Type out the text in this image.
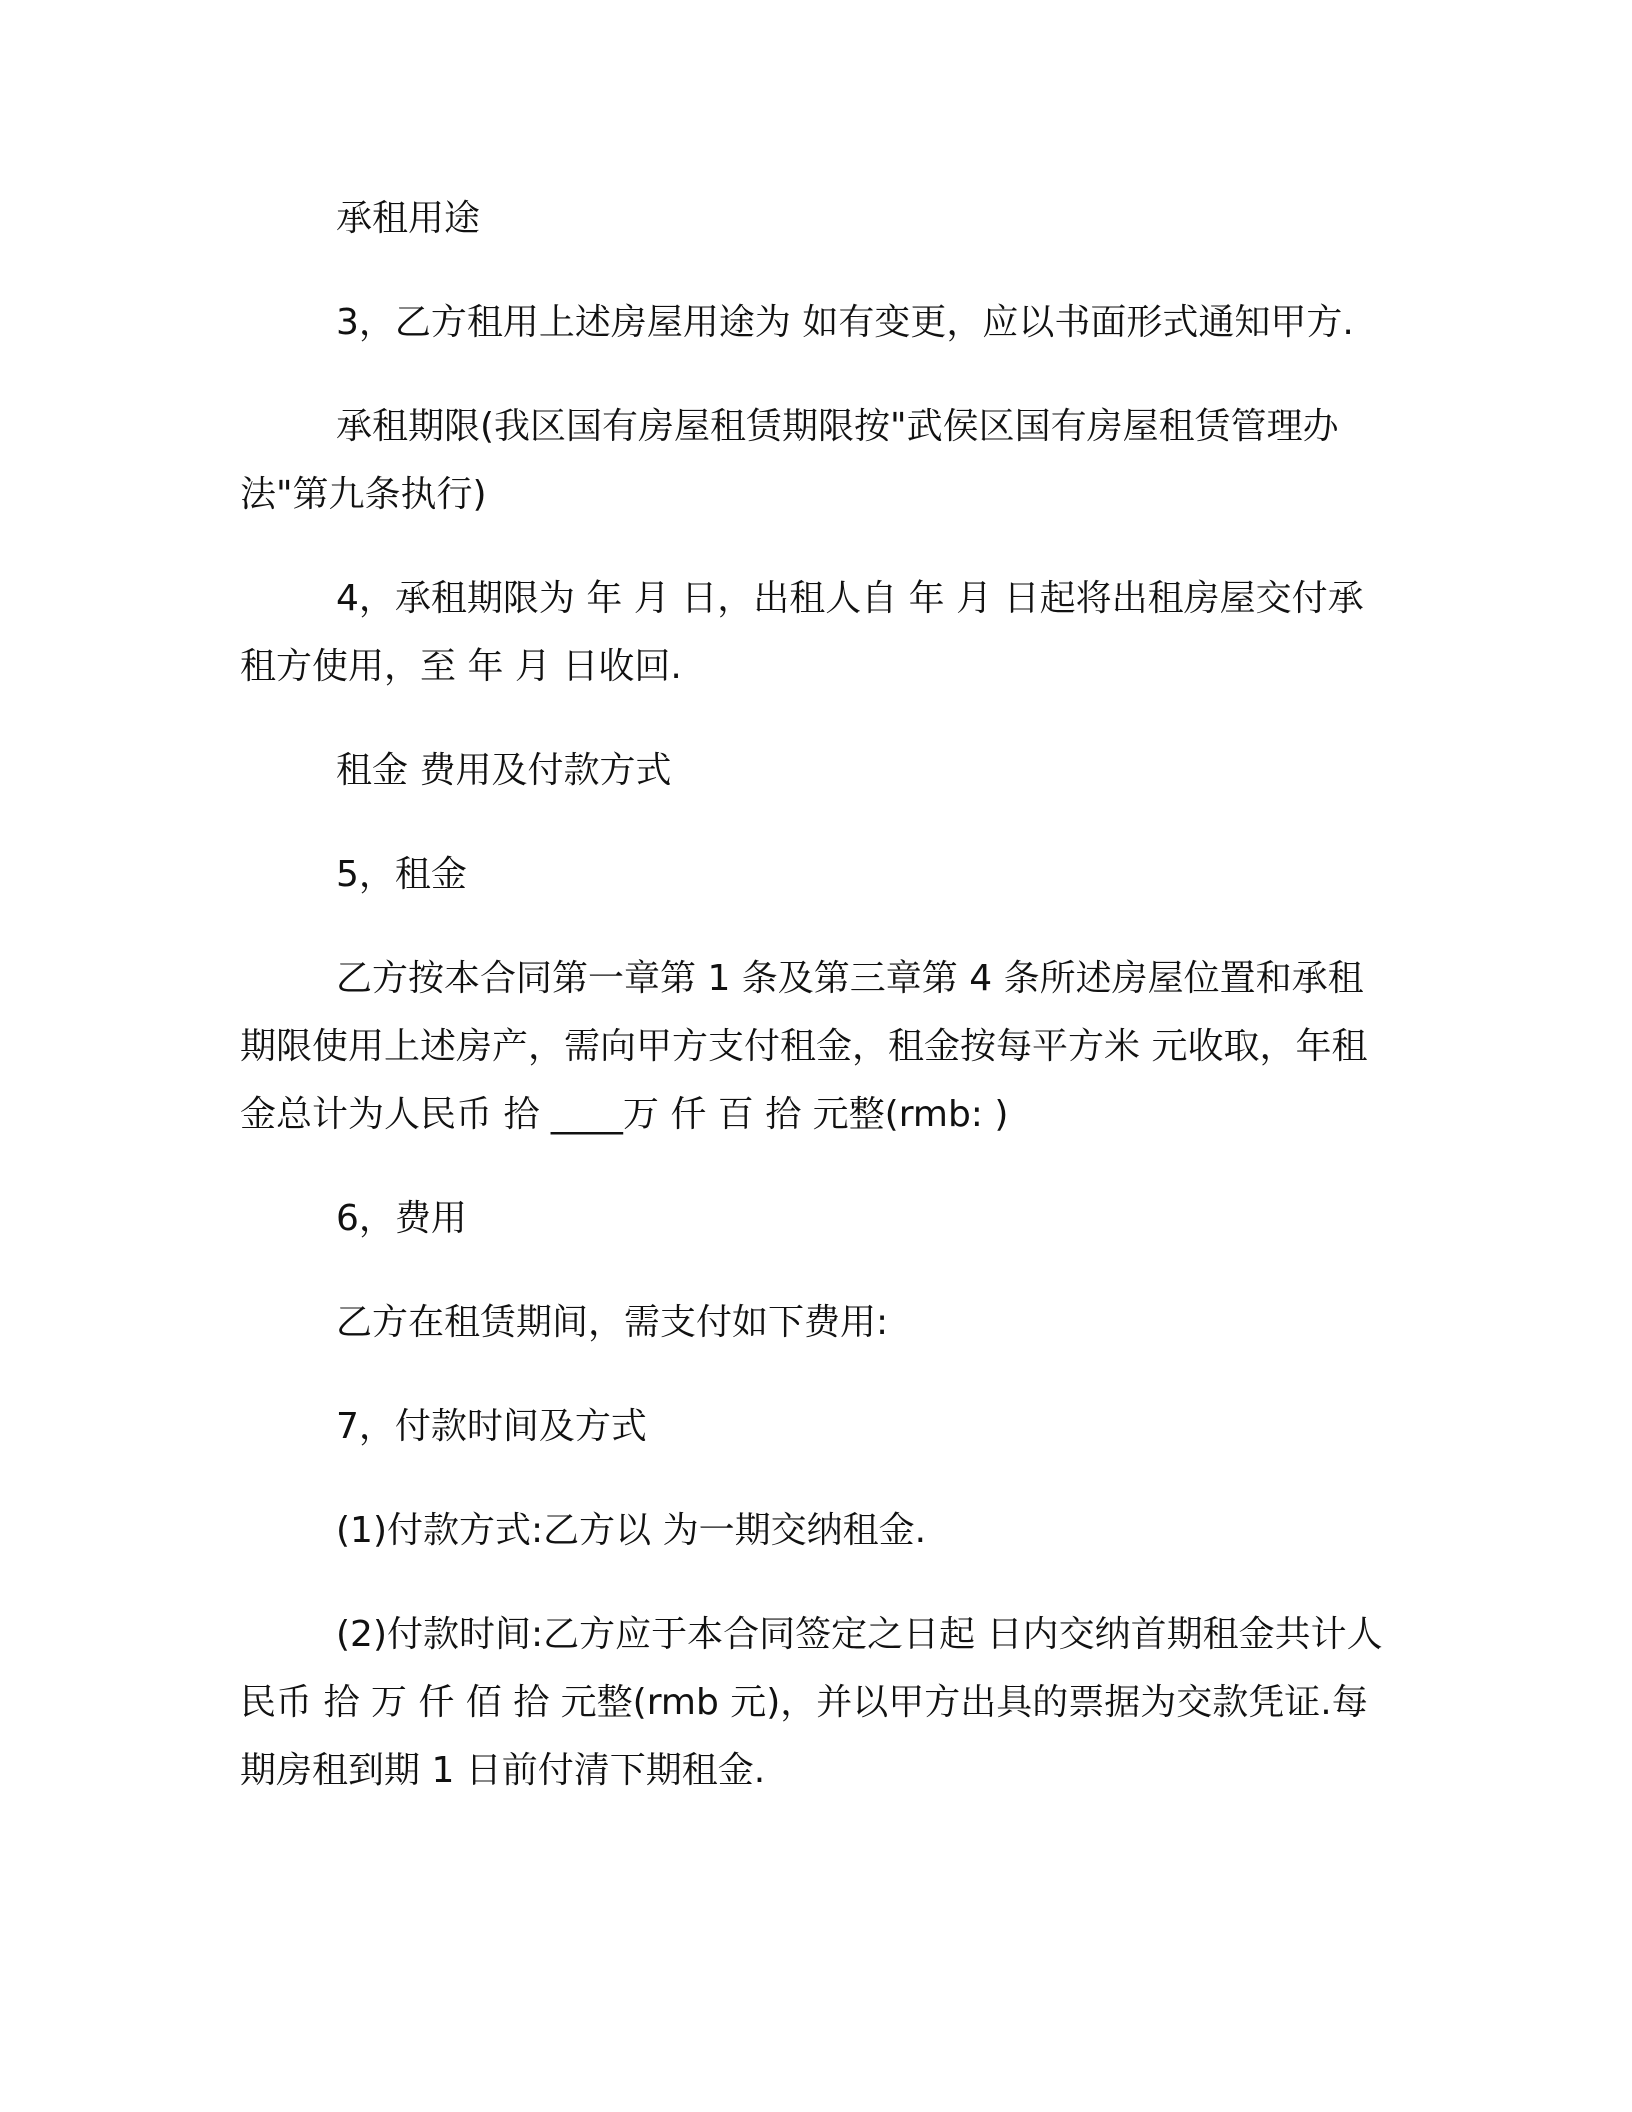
承租用途

3，乙方租用上述房屋用途为 如有变更，应以书面形式通知甲方.

承租期限(我区国有房屋租赁期限按"武侯区国有房屋租赁管理办法"第九条执行)

4，承租期限为 年 月 日，出租人自 年 月 日起将出租房屋交付承租方使用，至 年 月 日收回.

租金 费用及付款方式

5，租金

乙方按本合同第一章第 1 条及第三章第 4 条所述房屋位置和承租期限使用上述房产，需向甲方支付租金，租金按每平方米 元收取，年租金总计为人民币 拾 ____万 仟 百 拾 元整(rmb: )

6，费用

乙方在租赁期间，需支付如下费用:

7，付款时间及方式

(1)付款方式:乙方以 为一期交纳租金.

(2)付款时间:乙方应于本合同签定之日起 日内交纳首期租金共计人民币 拾 万 仟 佰 拾 元整(rmb 元)，并以甲方出具的票据为交款凭证.每期房租到期 1 日前付清下期租金.
